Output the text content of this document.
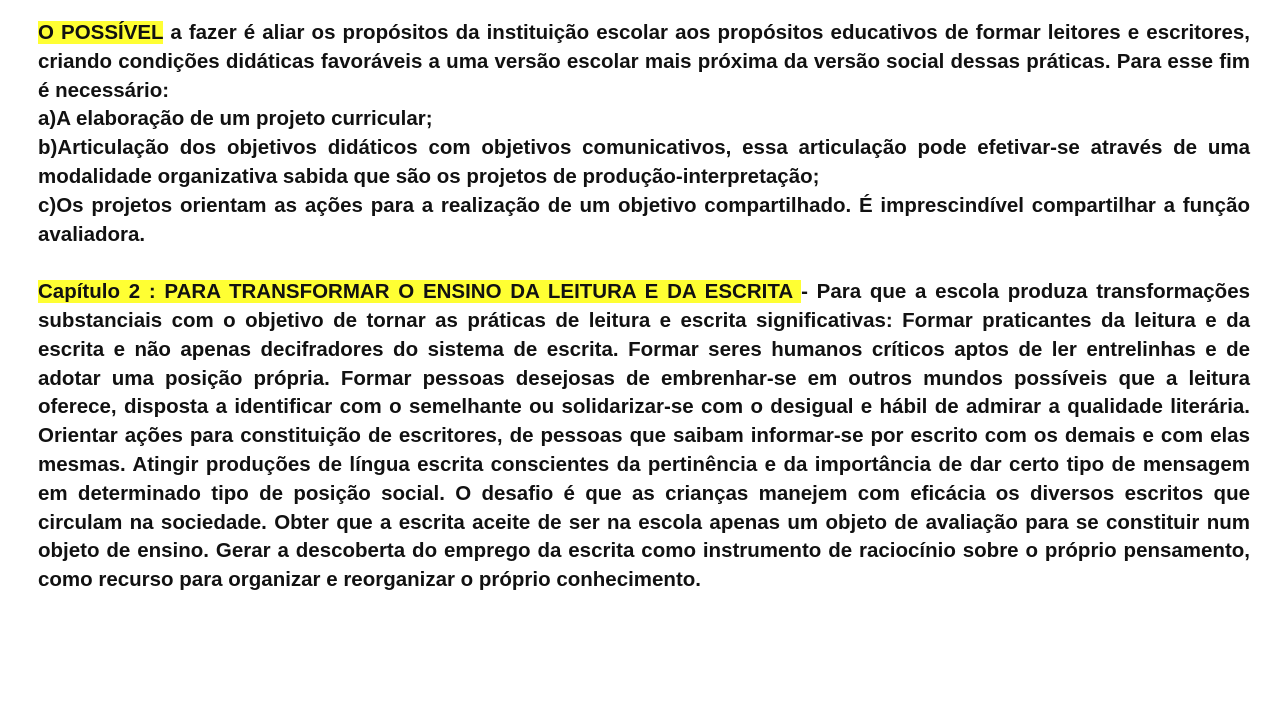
O POSSÍVEL a fazer é aliar os propósitos da instituição escolar aos propósitos educativos de formar leitores e escritores, criando condições didáticas favoráveis a uma versão escolar mais próxima da versão social dessas práticas. Para esse fim é necessário:

a)A elaboração de um projeto curricular;

b)Articulação dos objetivos didáticos com objetivos comunicativos, essa articulação pode efetivar-se através de uma modalidade organizativa sabida que são os projetos de produção-interpretação;

c)Os projetos orientam as ações para a realização de um objetivo compartilhado. É imprescindível compartilhar a função avaliadora.

Capítulo 2 : PARA TRANSFORMAR O ENSINO DA LEITURA E DA ESCRITA - Para que a escola produza transformações substanciais com o objetivo de tornar as práticas de leitura e escrita significativas: Formar praticantes da leitura e da escrita e não apenas decifradores do sistema de escrita. Formar seres humanos críticos aptos de ler entrelinhas e de adotar uma posição própria. Formar pessoas desejosas de embrenhar-se em outros mundos possíveis que a leitura oferece, disposta a identificar com o semelhante ou solidarizar-se com o desigual e hábil de admirar a qualidade literária. Orientar ações para constituição de escritores, de pessoas que saibam informar-se por escrito com os demais e com elas mesmas. Atingir produções de língua escrita conscientes da pertinência e da importância de dar certo tipo de mensagem em determinado tipo de posição social. O desafio é que as crianças manejem com eficácia os diversos escritos que circulam na sociedade. Obter que a escrita aceite de ser na escola apenas um objeto de avaliação para se constituir num objeto de ensino. Gerar a descoberta do emprego da escrita como instrumento de raciocínio sobre o próprio pensamento, como recurso para organizar e reorganizar o próprio conhecimento.
